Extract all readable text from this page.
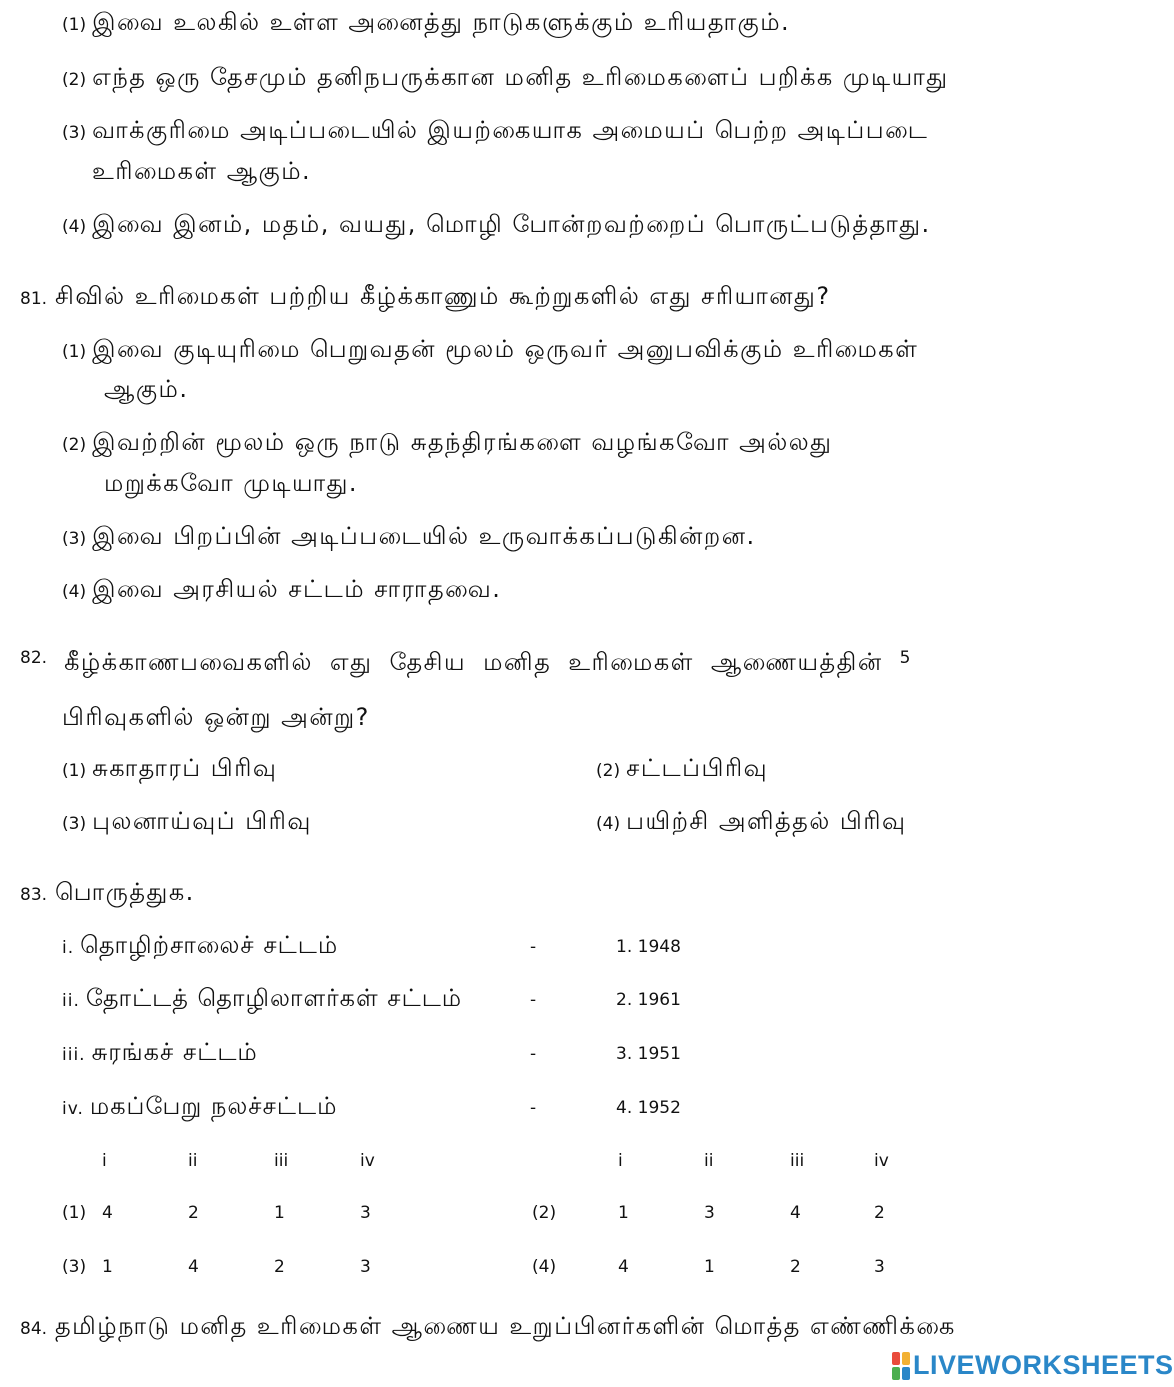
(1) இவை உலகில் உள்ள அனைத்து நாடுகளுக்கும் உரியதாகும்.
(2) எந்த ஒரு தேசமும் தனிநபருக்கான மனித உரிமைகளைப் பறிக்க முடியாது
(3) வாக்குரிமை அடிப்படையில் இயற்கையாக அமையப் பெற்ற அடிப்படை
உரிமைகள் ஆகும்.
(4) இவை இனம், மதம், வயது, மொழி போன்றவற்றைப் பொருட்படுத்தாது.
81. சிவில் உரிமைகள் பற்றிய கீழ்க்காணும் கூற்றுகளில் எது சரியானது?
(1) இவை குடியுரிமை பெறுவதன் மூலம் ஒருவர் அனுபவிக்கும் உரிமைகள்
ஆகும்.
(2) இவற்றின் மூலம் ஒரு நாடு சுதந்திரங்களை வழங்கவோ அல்லது
மறுக்கவோ முடியாது.
(3) இவை பிறப்பின் அடிப்படையில் உருவாக்கப்படுகின்றன.
(4) இவை அரசியல் சட்டம் சாராதவை.
82. கீழ்க்காணபவைகளில் எது தேசிய மனித உரிமைகள் ஆணையத்தின் 5
பிரிவுகளில் ஒன்று அன்று?
(1) சுகாதாரப் பிரிவு	(2) சட்டப்பிரிவு
(3) புலனாய்வுப் பிரிவு	(4) பயிற்சி அளித்தல் பிரிவு
83. பொருத்துக.
i. தொழிற்சாலைச் சட்டம்	-	1. 1948
ii. தோட்டத் தொழிலாளர்கள் சட்டம்	-	2. 1961
iii. சுரங்கச் சட்டம்	-	3. 1951
iv. மகப்பேறு நலச்சட்டம்	-	4. 1952
i	ii	iii	iv	i	ii	iii	iv
(1) 4	2	1	3	(2)	1	3	4	2
(3) 1	4	2	3	(4)	4	1	2	3
84. தமிழ்நாடு மனித உரிமைகள் ஆணைய உறுப்பினர்களின் மொத்த எண்ணிக்கை
LIVEWORKSHEETS
